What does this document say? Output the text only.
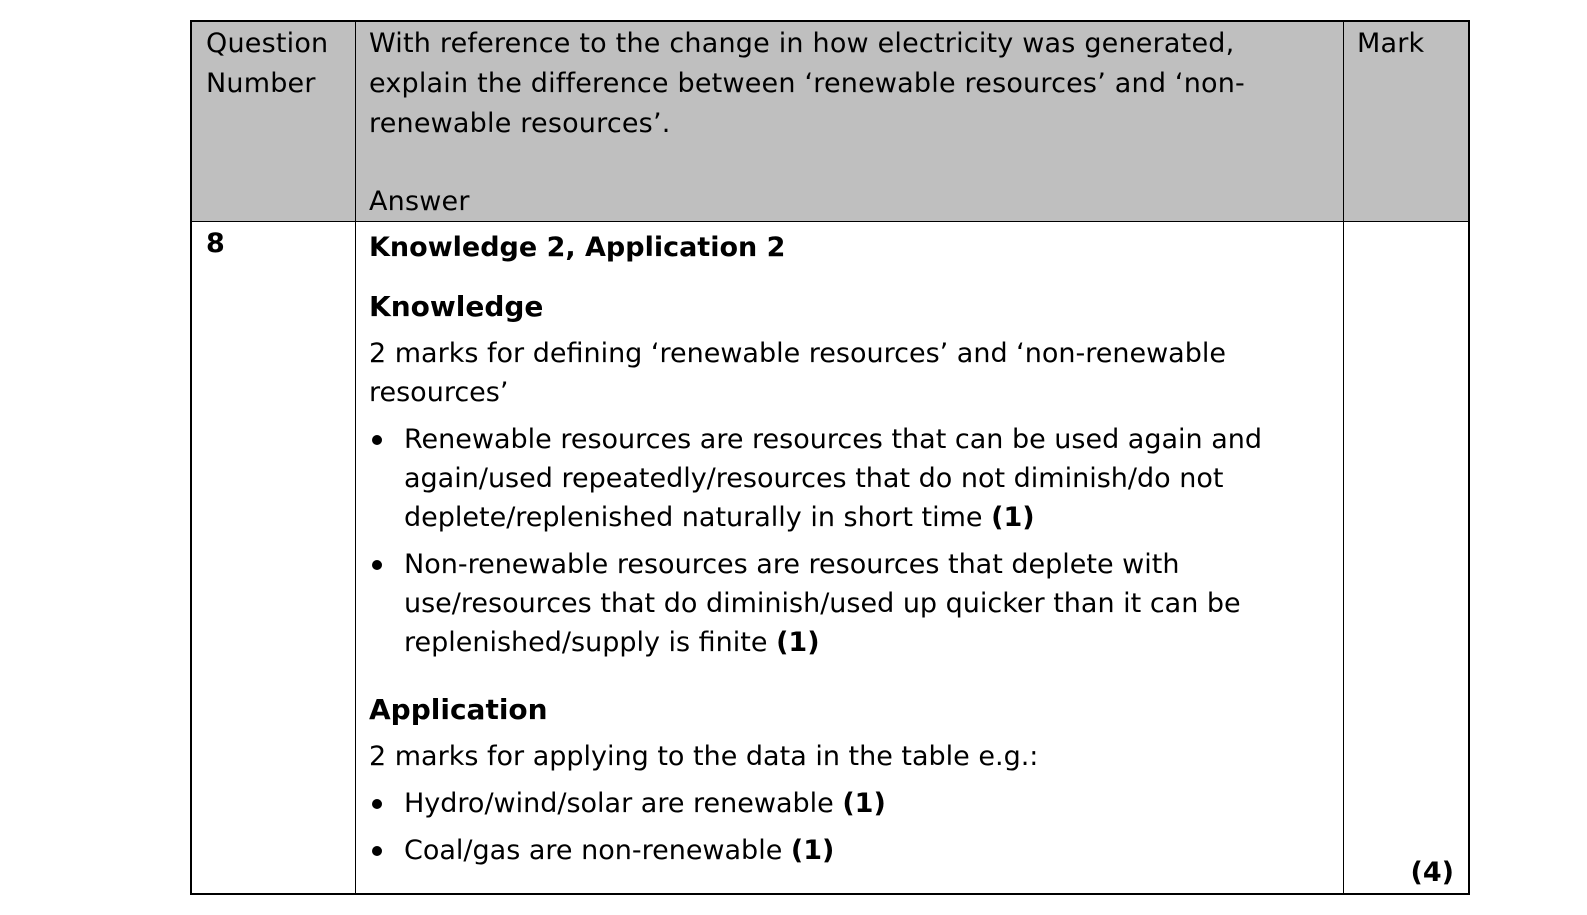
Question Number
With reference to the change in how electricity was generated, explain the difference between ‘renewable resources’ and ‘non-renewable resources’.
Answer
Mark
8	Knowledge 2, Application 2

Knowledge

2 marks for defining ‘renewable resources’ and ‘non-renewable resources’

Renewable resources are resources that can be used again and again/used repeatedly/resources that do not diminish/do not deplete/replenished naturally in short time (1)
Non-renewable resources are resources that deplete with use/resources that do diminish/used up quicker than it can be replenished/supply is finite (1)

Application

2 marks for applying to the data in the table e.g.:

Hydro/wind/solar are renewable (1)
Coal/gas are non-renewable (1)
(4)
